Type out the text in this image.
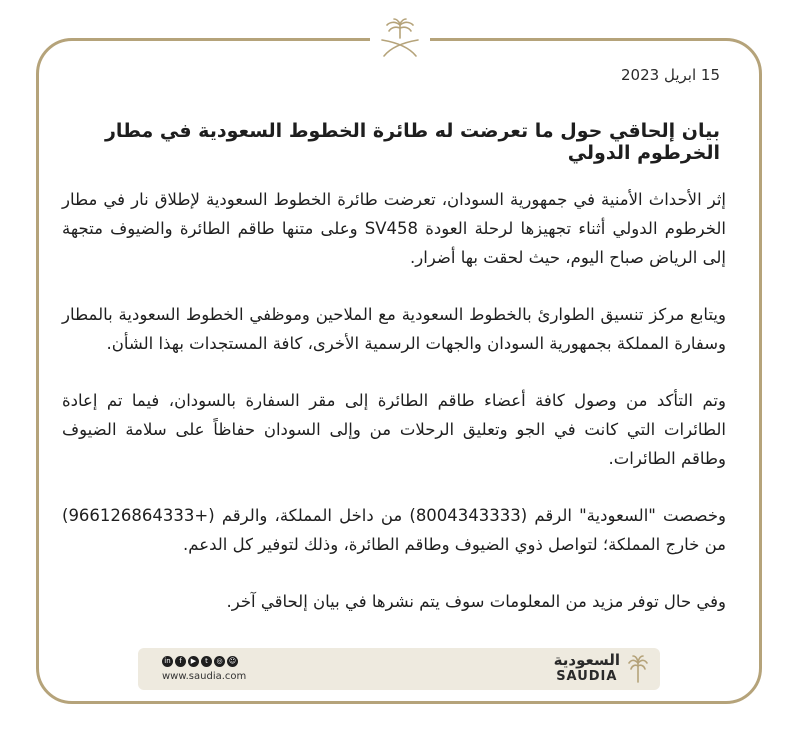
15 ابريل 2023
بيان إلحاقي حول ما تعرضت له طائرة الخطوط السعودية في مطار الخرطوم الدولي

إثر الأحداث الأمنية في جمهورية السودان، تعرضت طائرة الخطوط السعودية لإطلاق نار في مطار الخرطوم الدولي أثناء تجهيزها لرحلة العودة SV458 وعلى متنها طاقم الطائرة والضيوف متجهة إلى الرياض صباح اليوم، حيث لحقت بها أضرار.

ويتابع مركز تنسيق الطوارئ بالخطوط السعودية مع الملاحين وموظفي الخطوط السعودية بالمطار وسفارة المملكة بجمهورية السودان والجهات الرسمية الأخرى، كافة المستجدات بهذا الشأن.

وتم التأكد من وصول كافة أعضاء طاقم الطائرة إلى مقر السفارة بالسودان، فيما تم إعادة الطائرات التي كانت في الجو وتعليق الرحلات من وإلى السودان حفاظاً على سلامة الضيوف وطاقم الطائرات.

وخصصت "السعودية" الرقم (8004343333) من داخل المملكة، والرقم (+966126864333) من خارج المملكة؛ لتواصل ذوي الضيوف وطاقم الطائرة، وذلك لتوفير كل الدعم.

وفي حال توفر مزيد من المعلومات سوف يتم نشرها في بيان إلحاقي آخر.

in	f	▶	t	◎ ☺
www.saudia.com
السعودية
SAUDIA
